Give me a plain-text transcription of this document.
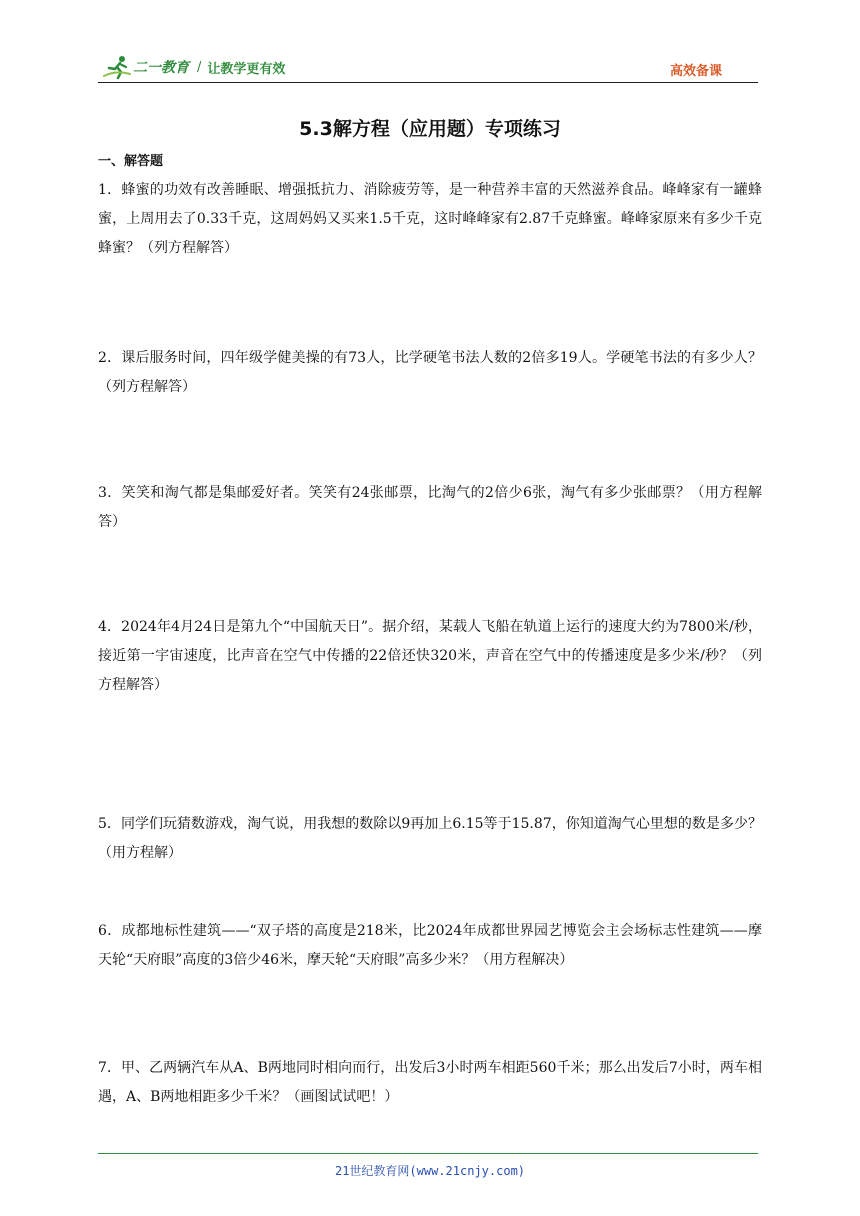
二一教育 / 让教学更有效	高效备课
5.3解方程（应用题）专项练习
一、解答题
1．蜂蜜的功效有改善睡眠、增强抵抗力、消除疲劳等，是一种营养丰富的天然滋养食品。峰峰家有一罐蜂蜜，上周用去了0.33千克，这周妈妈又买来1.5千克，这时峰峰家有2.87千克蜂蜜。峰峰家原来有多少千克蜂蜜？（列方程解答）
2．课后服务时间，四年级学健美操的有73人，比学硬笔书法人数的2倍多19人。学硬笔书法的有多少人？（列方程解答）
3．笑笑和淘气都是集邮爱好者。笑笑有24张邮票，比淘气的2倍少6张，淘气有多少张邮票？（用方程解答）
4．2024年4月24日是第九个“中国航天日”。据介绍，某载人飞船在轨道上运行的速度大约为7800米/秒，接近第一宇宙速度，比声音在空气中传播的22倍还快320米，声音在空气中的传播速度是多少米/秒？（列方程解答）
5．同学们玩猜数游戏，淘气说，用我想的数除以9再加上6.15等于15.87，你知道淘气心里想的数是多少？（用方程解）
6．成都地标性建筑——“双子塔的高度是218米，比2024年成都世界园艺博览会主会场标志性建筑——摩天轮“天府眼”高度的3倍少46米，摩天轮“天府眼”高多少米？（用方程解决）
7．甲、乙两辆汽车从A、B两地同时相向而行，出发后3小时两车相距560千米；那么出发后7小时，两车相遇，A、B两地相距多少千米？（画图试试吧！）
21世纪教育网(www.21cnjy.com)
